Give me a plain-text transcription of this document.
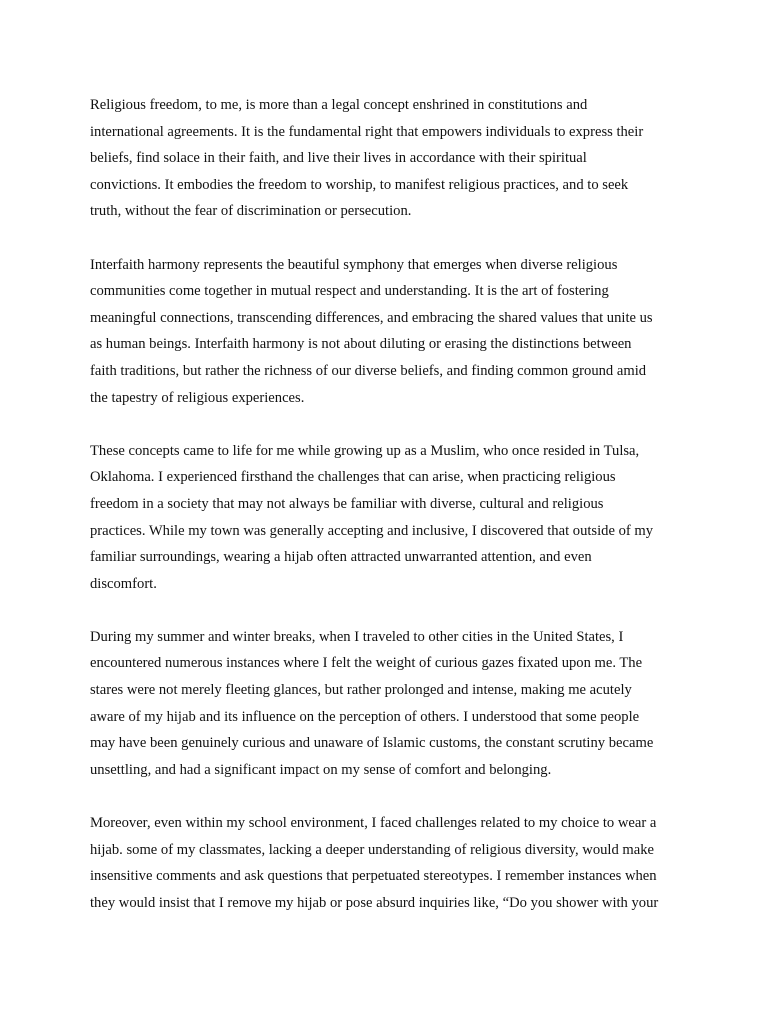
Religious freedom, to me, is more than a legal concept enshrined in constitutions and
international agreements. It is the fundamental right that empowers individuals to express their
beliefs, find solace in their faith, and live their lives in accordance with their spiritual
convictions. It embodies the freedom to worship, to manifest religious practices, and to seek
truth, without the fear of discrimination or persecution.

Interfaith harmony represents the beautiful symphony that emerges when diverse religious
communities come together in mutual respect and understanding. It is the art of fostering
meaningful connections, transcending differences, and embracing the shared values that unite us
as human beings. Interfaith harmony is not about diluting or erasing the distinctions between
faith traditions, but rather the richness of our diverse beliefs, and finding common ground amid
the tapestry of religious experiences.

These concepts came to life for me while growing up as a Muslim, who once resided in Tulsa,
Oklahoma. I experienced firsthand the challenges that can arise, when practicing religious
freedom in a society that may not always be familiar with diverse, cultural and religious
practices. While my town was generally accepting and inclusive, I discovered that outside of my
familiar surroundings, wearing a hijab often attracted unwarranted attention, and even
discomfort.

During my summer and winter breaks, when I traveled to other cities in the United States, I
encountered numerous instances where I felt the weight of curious gazes fixated upon me. The
stares were not merely fleeting glances, but rather prolonged and intense, making me acutely
aware of my hijab and its influence on the perception of others. I understood that some people
may have been genuinely curious and unaware of Islamic customs, the constant scrutiny became
unsettling, and had a significant impact on my sense of comfort and belonging.

Moreover, even within my school environment, I faced challenges related to my choice to wear a
hijab. some of my classmates, lacking a deeper understanding of religious diversity, would make
insensitive comments and ask questions that perpetuated stereotypes. I remember instances when
they would insist that I remove my hijab or pose absurd inquiries like, “Do you shower with your
